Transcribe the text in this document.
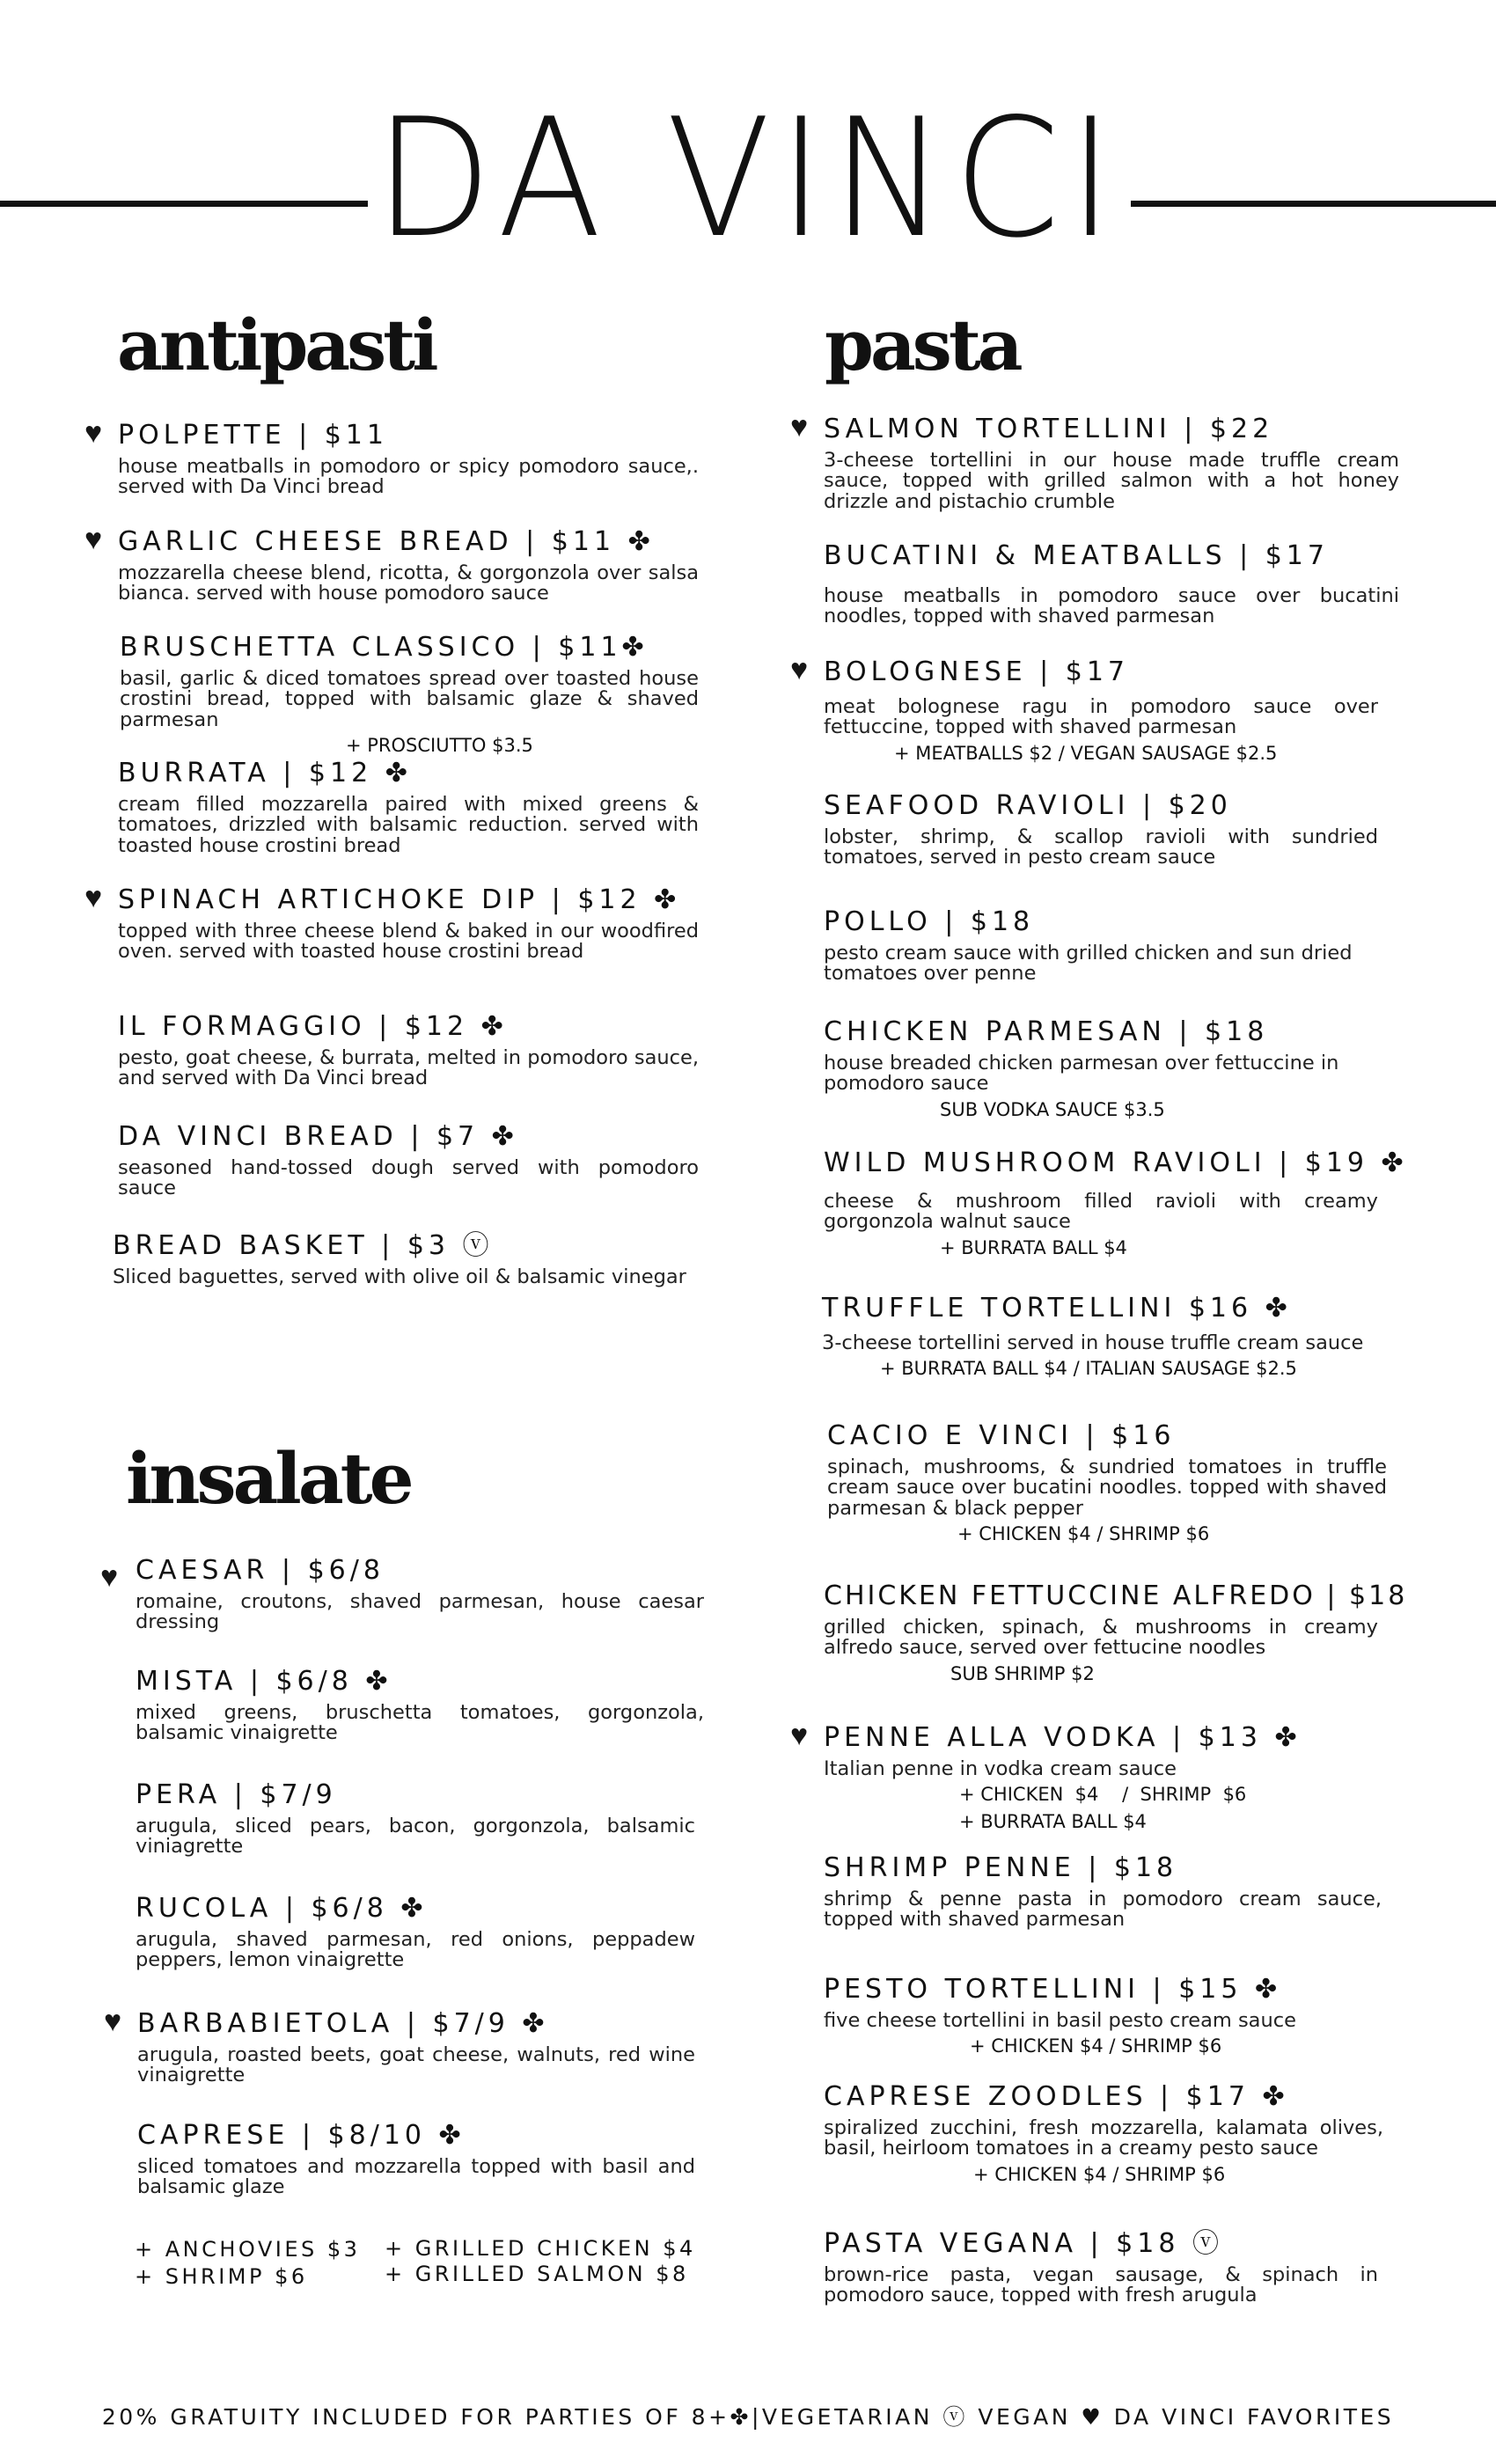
DA VINCI
antipasti
♥ POLPETTE | $11
house meatballs in pomodoro or spicy pomodoro sauce,. served with Da Vinci bread
♥ GARLIC CHEESE BREAD | $11 ✤
mozzarella cheese blend, ricotta, & gorgonzola over salsa bianca. served with house pomodoro sauce
BRUSCHETTA CLASSICO | $11✤
basil, garlic & diced tomatoes spread over toasted house crostini bread, topped with balsamic glaze & shaved parmesan
+ PROSCIUTTO $3.5
BURRATA | $12 ✤
cream filled mozzarella paired with mixed greens & tomatoes, drizzled with balsamic reduction. served with toasted house crostini bread
♥ SPINACH ARTICHOKE DIP | $12 ✤
topped with three cheese blend & baked in our woodfired oven. served with toasted house crostini bread
IL FORMAGGIO | $12 ✤
pesto, goat cheese, & burrata, melted in pomodoro sauce, and served with Da Vinci bread
DA VINCI BREAD | $7 ✤
seasoned hand-tossed dough served with pomodoro sauce
BREAD BASKET | $3 ⓥ
Sliced baguettes, served with olive oil & balsamic vinegar
insalate
♥ CAESAR | $6/8
romaine, croutons, shaved parmesan, house caesar dressing
MISTA | $6/8 ✤
mixed greens, bruschetta tomatoes, gorgonzola, balsamic vinaigrette
PERA | $7/9
arugula, sliced pears, bacon, gorgonzola, balsamic viniagrette
RUCOLA | $6/8 ✤
arugula, shaved parmesan, red onions, peppadew peppers, lemon vinaigrette
♥ BARBABIETOLA | $7/9 ✤
arugula, roasted beets, goat cheese, walnuts, red wine vinaigrette
CAPRESE | $8/10 ✤
sliced tomatoes and mozzarella topped with basil and balsamic glaze
+ ANCHOVIES $3
+ SHRIMP $6
+ GRILLED CHICKEN $4
+ GRILLED SALMON $8
pasta
♥ SALMON TORTELLINI | $22
3-cheese tortellini in our house made truffle cream sauce, topped with grilled salmon with a hot honey drizzle and pistachio crumble
BUCATINI & MEATBALLS | $17
house meatballs in pomodoro sauce over bucatini noodles, topped with shaved parmesan
♥ BOLOGNESE | $17
meat bolognese ragu in pomodoro sauce over fettuccine, topped with shaved parmesan
+ MEATBALLS $2 / VEGAN SAUSAGE $2.5
SEAFOOD RAVIOLI | $20
lobster, shrimp, & scallop ravioli with sundried tomatoes, served in pesto cream sauce
POLLO | $18
pesto cream sauce with grilled chicken and sun dried tomatoes over penne
CHICKEN PARMESAN | $18
house breaded chicken parmesan over fettuccine in pomodoro sauce
SUB VODKA SAUCE $3.5
WILD MUSHROOM RAVIOLI | $19 ✤
cheese & mushroom filled ravioli with creamy gorgonzola walnut sauce
+ BURRATA BALL $4
TRUFFLE TORTELLINI $16 ✤
3-cheese tortellini served in house truffle cream sauce
+ BURRATA BALL $4 / ITALIAN SAUSAGE $2.5
CACIO E VINCI | $16
spinach, mushrooms, & sundried tomatoes in truffle cream sauce over bucatini noodles. topped with shaved parmesan & black pepper
+ CHICKEN $4 / SHRIMP $6
CHICKEN FETTUCCINE ALFREDO | $18
grilled chicken, spinach, & mushrooms in creamy alfredo sauce, served over fettucine noodles
SUB SHRIMP $2
♥ PENNE ALLA VODKA | $13 ✤
Italian penne in vodka cream sauce
+ CHICKEN  $4    /  SHRIMP  $6
+ BURRATA BALL $4
SHRIMP PENNE | $18
shrimp & penne pasta in pomodoro cream sauce, topped with shaved parmesan
PESTO TORTELLINI | $15 ✤
five cheese tortellini in basil pesto cream sauce
+ CHICKEN $4 / SHRIMP $6
CAPRESE ZOODLES | $17 ✤
spiralized zucchini, fresh mozzarella, kalamata olives, basil, heirloom tomatoes in a creamy pesto sauce
+ CHICKEN $4 / SHRIMP $6
PASTA VEGANA | $18 ⓥ
brown-rice pasta, vegan sausage, & spinach in pomodoro sauce, topped with fresh arugula
20% GRATUITY INCLUDED FOR PARTIES OF 8+✤|VEGETARIAN ⓥ VEGAN ♥ DA VINCI FAVORITES
